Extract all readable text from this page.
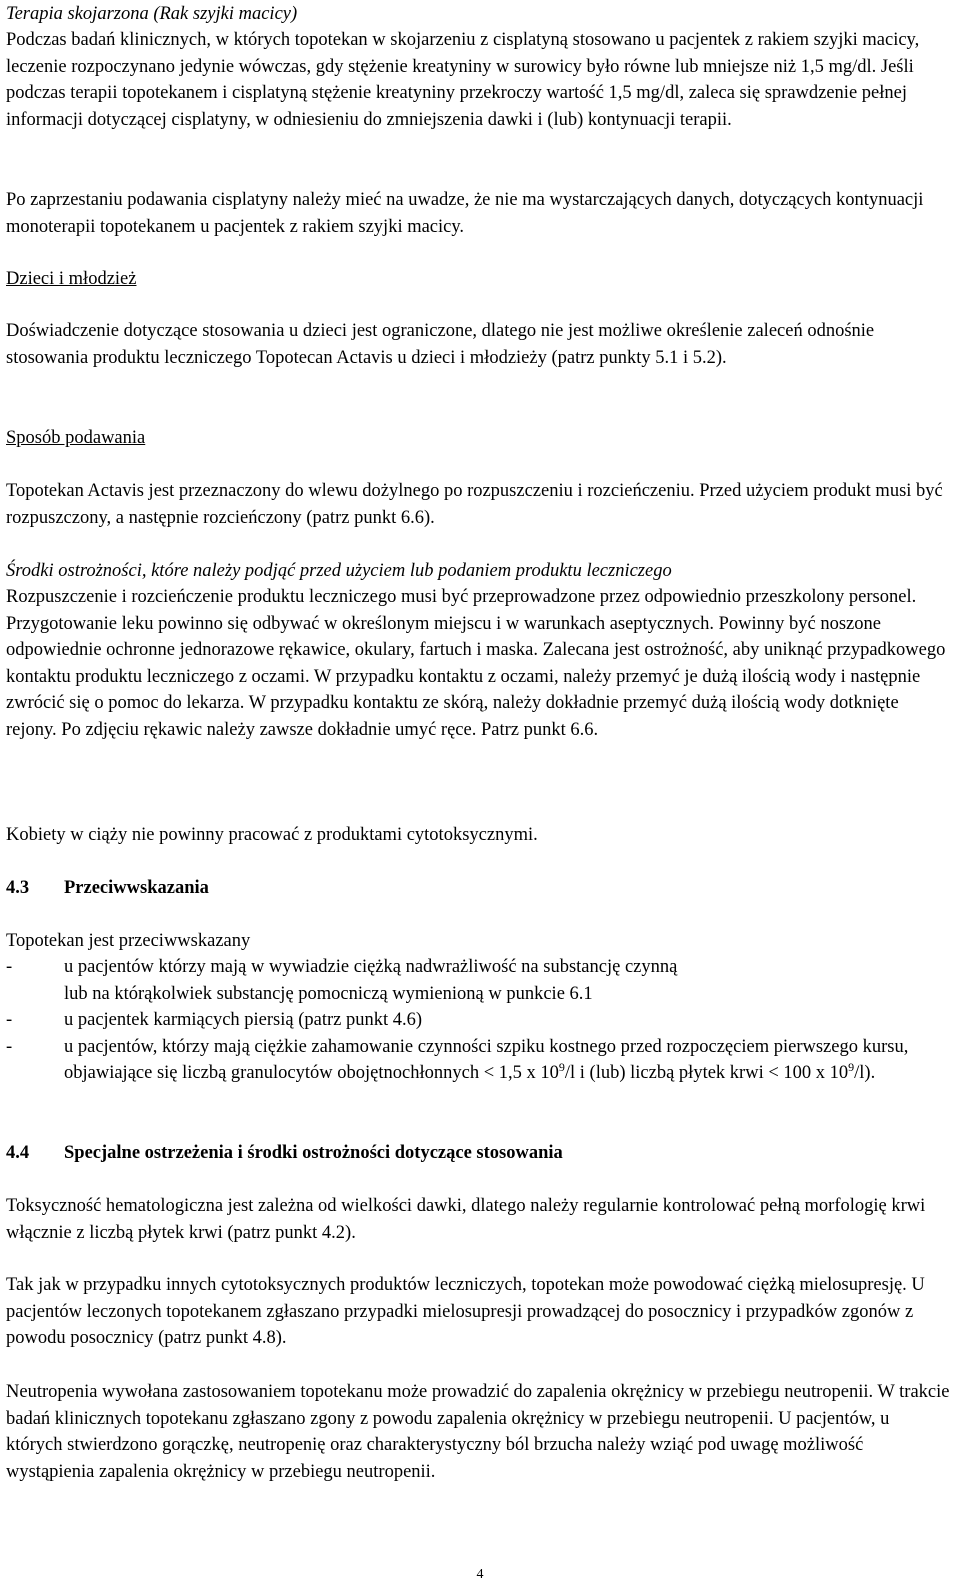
Terapia skojarzona (Rak szyjki macicy)

Podczas badań klinicznych, w których topotekan w skojarzeniu z cisplatyną stosowano u pacjentek z rakiem szyjki macicy, leczenie rozpoczynano jedynie wówczas, gdy stężenie kreatyniny w surowicy było równe lub mniejsze niż 1,5 mg/dl. Jeśli podczas terapii topotekanem i cisplatyną stężenie kreatyniny przekroczy wartość 1,5 mg/dl, zaleca się sprawdzenie pełnej informacji dotyczącej cisplatyny, w odniesieniu do zmniejszenia dawki i (lub) kontynuacji terapii.

Po zaprzestaniu podawania cisplatyny należy mieć na uwadze, że nie ma wystarczających danych, dotyczących kontynuacji monoterapii topotekanem u pacjentek z rakiem szyjki macicy.

Dzieci i młodzież

Doświadczenie dotyczące stosowania u dzieci jest ograniczone, dlatego nie jest możliwe określenie zaleceń odnośnie stosowania produktu leczniczego Topotecan Actavis u dzieci i młodzieży (patrz punkty 5.1 i 5.2).

Sposób podawania

Topotekan Actavis jest przeznaczony do wlewu dożylnego po rozpuszczeniu i rozcieńczeniu. Przed użyciem produkt musi być rozpuszczony, a następnie rozcieńczony (patrz punkt 6.6).

Środki ostrożności, które należy podjąć przed użyciem lub podaniem produktu leczniczego

Rozpuszczenie i rozcieńczenie produktu leczniczego musi być przeprowadzone przez odpowiednio przeszkolony personel. Przygotowanie leku powinno się odbywać w określonym miejscu i w warunkach aseptycznych. Powinny być noszone odpowiednie ochronne jednorazowe rękawice, okulary, fartuch i maska. Zalecana jest ostrożność, aby uniknąć przypadkowego kontaktu produktu leczniczego z oczami. W przypadku kontaktu z oczami, należy przemyć je dużą ilością wody i następnie zwrócić się o pomoc do lekarza. W przypadku kontaktu ze skórą, należy dokładnie przemyć dużą ilością wody dotknięte rejony. Po zdjęciu rękawic należy zawsze dokładnie umyć ręce. Patrz punkt 6.6.

Kobiety w ciąży nie powinny pracować z produktami cytotoksycznymi.

4.3	Przeciwwskazania

Topotekan jest przeciwwskazany

-	u pacjentów którzy mają w wywiadzie ciężką nadwrażliwość na substancję czynną
lub na którąkolwiek substancję pomocniczą wymienioną w punkcie 6.1
-	u pacjentek karmiących piersią (patrz punkt 4.6)
-	u pacjentów, którzy mają ciężkie zahamowanie czynności szpiku kostnego przed rozpoczęciem pierwszego kursu, objawiające się liczbą granulocytów obojętnochłonnych < 1,5 x $10^9/l$ i (lub) liczbą płytek krwi < 100 x $10^9/l$).
4.4	Specjalne ostrzeżenia i środki ostrożności dotyczące stosowania

Toksyczność hematologiczna jest zależna od wielkości dawki, dlatego należy regularnie kontrolować pełną morfologię krwi włącznie z liczbą płytek krwi (patrz punkt 4.2).

Tak jak w przypadku innych cytotoksycznych produktów leczniczych, topotekan może powodować ciężką mielosupresję. U pacjentów leczonych topotekanem zgłaszano przypadki mielosupresji prowadzącej do posocznicy i przypadków zgonów z powodu posocznicy (patrz punkt 4.8).

Neutropenia wywołana zastosowaniem topotekanu może prowadzić do zapalenia okrężnicy w przebiegu neutropenii. W trakcie badań klinicznych topotekanu zgłaszano zgony z powodu zapalenia okrężnicy w przebiegu neutropenii. U pacjentów, u których stwierdzono gorączkę, neutropenię oraz charakterystyczny ból brzucha należy wziąć pod uwagę możliwość wystąpienia zapalenia okrężnicy w przebiegu neutropenii.

4
